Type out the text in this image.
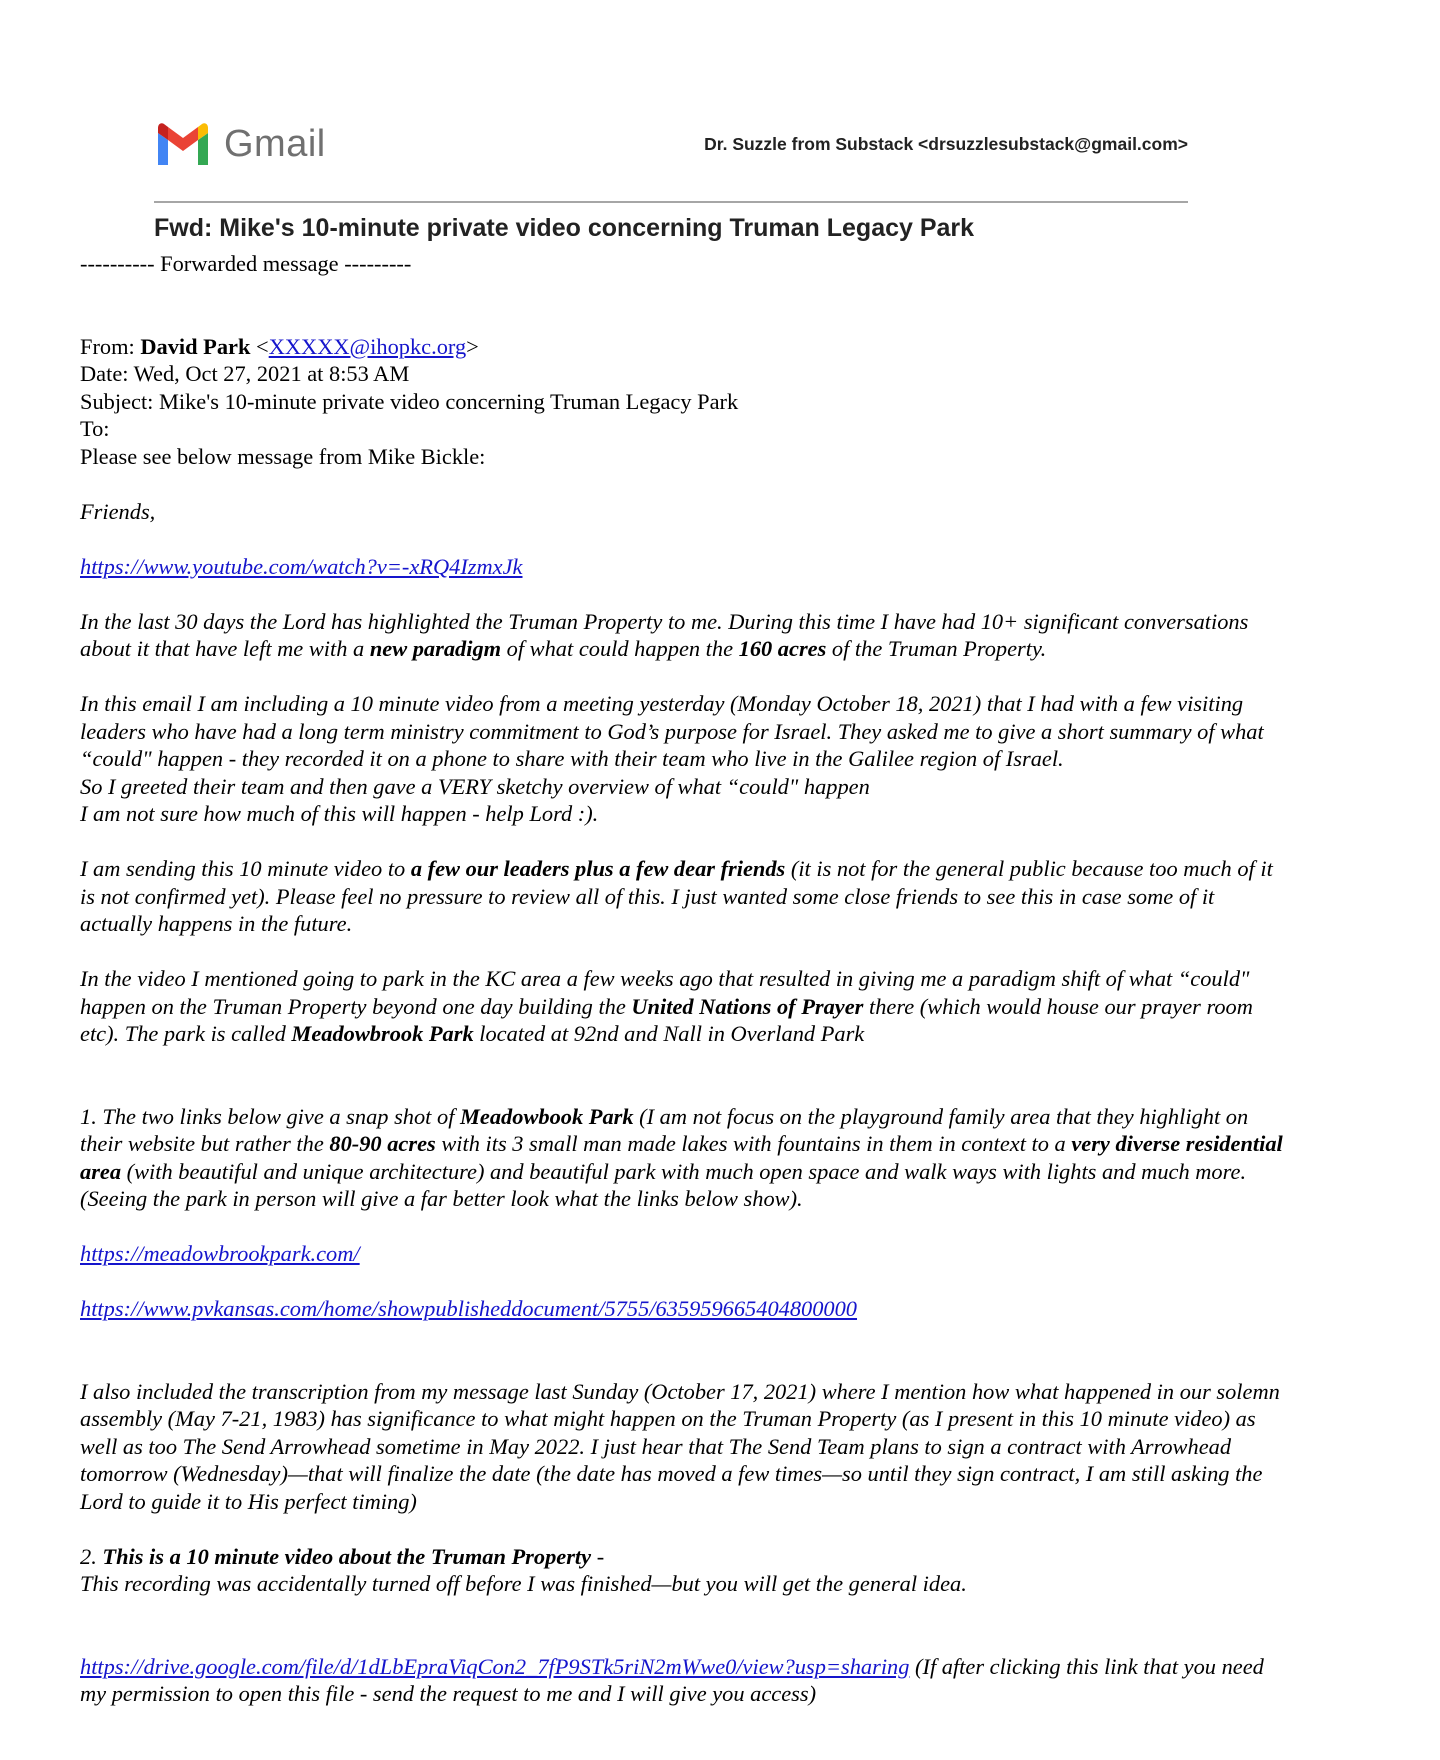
Gmail	Dr. Suzzle from Substack <drsuzzlesubstack@gmail.com>
Fwd: Mike's 10-minute private video concerning Truman Legacy Park

---------- Forwarded message ---------

From: David Park <XXXXX@ihopkc.org>

Date: Wed, Oct 27, 2021 at 8:53 AM

Subject: Mike's 10-minute private video concerning Truman Legacy Park

To:

Please see below message from Mike Bickle:

Friends,

https://www.youtube.com/watch?v=-xRQ4IzmxJk

In the last 30 days the Lord has highlighted the Truman Property to me. During this time I have had 10+ significant conversations

about it that have left me with a new paradigm of what could happen the 160 acres of the Truman Property.

In this email I am including a 10 minute video from a meeting yesterday (Monday October 18, 2021) that I had with a few visiting

leaders who have had a long term ministry commitment to God’s purpose for Israel. They asked me to give a short summary of what

“could" happen - they recorded it on a phone to share with their team who live in the Galilee region of Israel.

So I greeted their team and then gave a VERY sketchy overview of what “could" happen

I am not sure how much of this will happen - help Lord :).

I am sending this 10 minute video to a few our leaders plus a few dear friends (it is not for the general public because too much of it

is not confirmed yet). Please feel no pressure to review all of this. I just wanted some close friends to see this in case some of it

actually happens in the future.

In the video I mentioned going to park in the KC area a few weeks ago that resulted in giving me a paradigm shift of what “could"

happen on the Truman Property beyond one day building the United Nations of Prayer there (which would house our prayer room

etc). The park is called Meadowbrook Park located at 92nd and Nall in Overland Park

1. The two links below give a snap shot of Meadowbook Park (I am not focus on the playground family area that they highlight on

their website but rather the 80-90 acres with its 3 small man made lakes with fountains in them in context to a very diverse residential

area (with beautiful and unique architecture) and beautiful park with much open space and walk ways with lights and much more.

(Seeing the park in person will give a far better look what the links below show).

https://meadowbrookpark.com/

https://www.pvkansas.com/home/showpublisheddocument/5755/635959665404800000

I also included the transcription from my message last Sunday (October 17, 2021) where I mention how what happened in our solemn

assembly (May 7-21, 1983) has significance to what might happen on the Truman Property (as I present in this 10 minute video) as

well as too The Send Arrowhead sometime in May 2022. I just hear that The Send Team plans to sign a contract with Arrowhead

tomorrow (Wednesday)—that will finalize the date (the date has moved a few times—so until they sign contract, I am still asking the

Lord to guide it to His perfect timing)

2. This is a 10 minute video about the Truman Property -

This recording was accidentally turned off before I was finished—but you will get the general idea.

https://drive.google.com/file/d/1dLbEpraViqCon2_7fP9STk5riN2mWwe0/view?usp=sharing (If after clicking this link that you need

my permission to open this file - send the request to me and I will give you access)
